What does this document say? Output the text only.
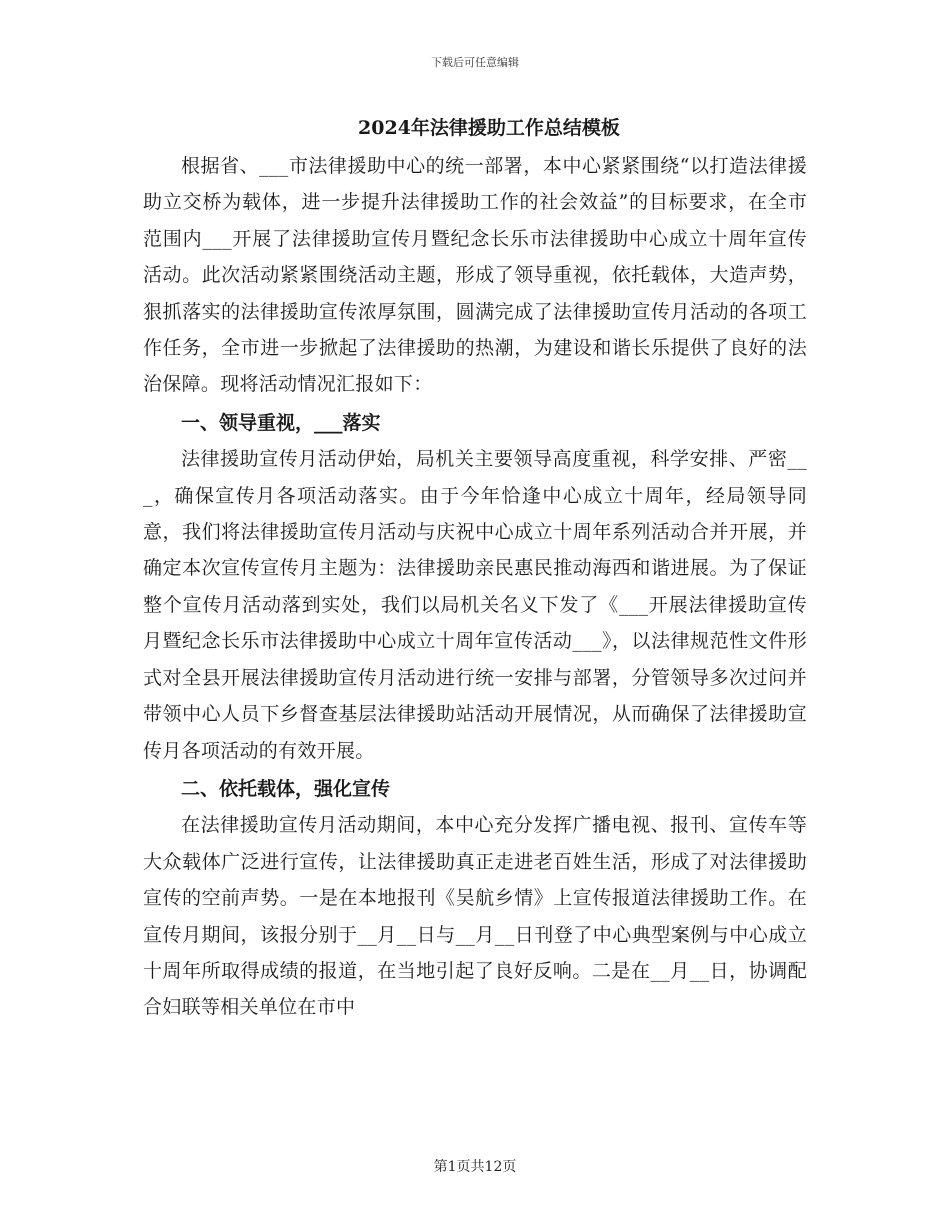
下载后可任意编辑
2024年法律援助工作总结模板

根据省、___市法律援助中心的统一部署，本中心紧紧围绕“以打造法律援助立交桥为载体，进一步提升法律援助工作的社会效益”的目标要求，在全市范围内___开展了法律援助宣传月暨纪念长乐市法律援助中心成立十周年宣传活动。此次活动紧紧围绕活动主题，形成了领导重视，依托载体，大造声势，狠抓落实的法律援助宣传浓厚氛围，圆满完成了法律援助宣传月活动的各项工作任务，全市进一步掀起了法律援助的热潮，为建设和谐长乐提供了良好的法治保障。现将活动情况汇报如下：

一、领导重视，___落实

法律援助宣传月活动伊始，局机关主要领导高度重视，科学安排、严密___，确保宣传月各项活动落实。由于今年恰逢中心成立十周年，经局领导同意，我们将法律援助宣传月活动与庆祝中心成立十周年系列活动合并开展，并确定本次宣传宣传月主题为：法律援助亲民惠民推动海西和谐进展。为了保证整个宣传月活动落到实处，我们以局机关名义下发了《___开展法律援助宣传月暨纪念长乐市法律援助中心成立十周年宣传活动___》，以法律规范性文件形式对全县开展法律援助宣传月活动进行统一安排与部署，分管领导多次过问并带领中心人员下乡督查基层法律援助站活动开展情况，从而确保了法律援助宣传月各项活动的有效开展。

二、依托载体，强化宣传

在法律援助宣传月活动期间，本中心充分发挥广播电视、报刊、宣传车等大众载体广泛进行宣传，让法律援助真正走进老百姓生活，形成了对法律援助宣传的空前声势。一是在本地报刊《吴航乡情》上宣传报道法律援助工作。在宣传月期间，该报分别于__月__日与__月__日刊登了中心典型案例与中心成立十周年所取得成绩的报道，在当地引起了良好反响。二是在__月__日，协调配合妇联等相关单位在市中

第1页共12页
